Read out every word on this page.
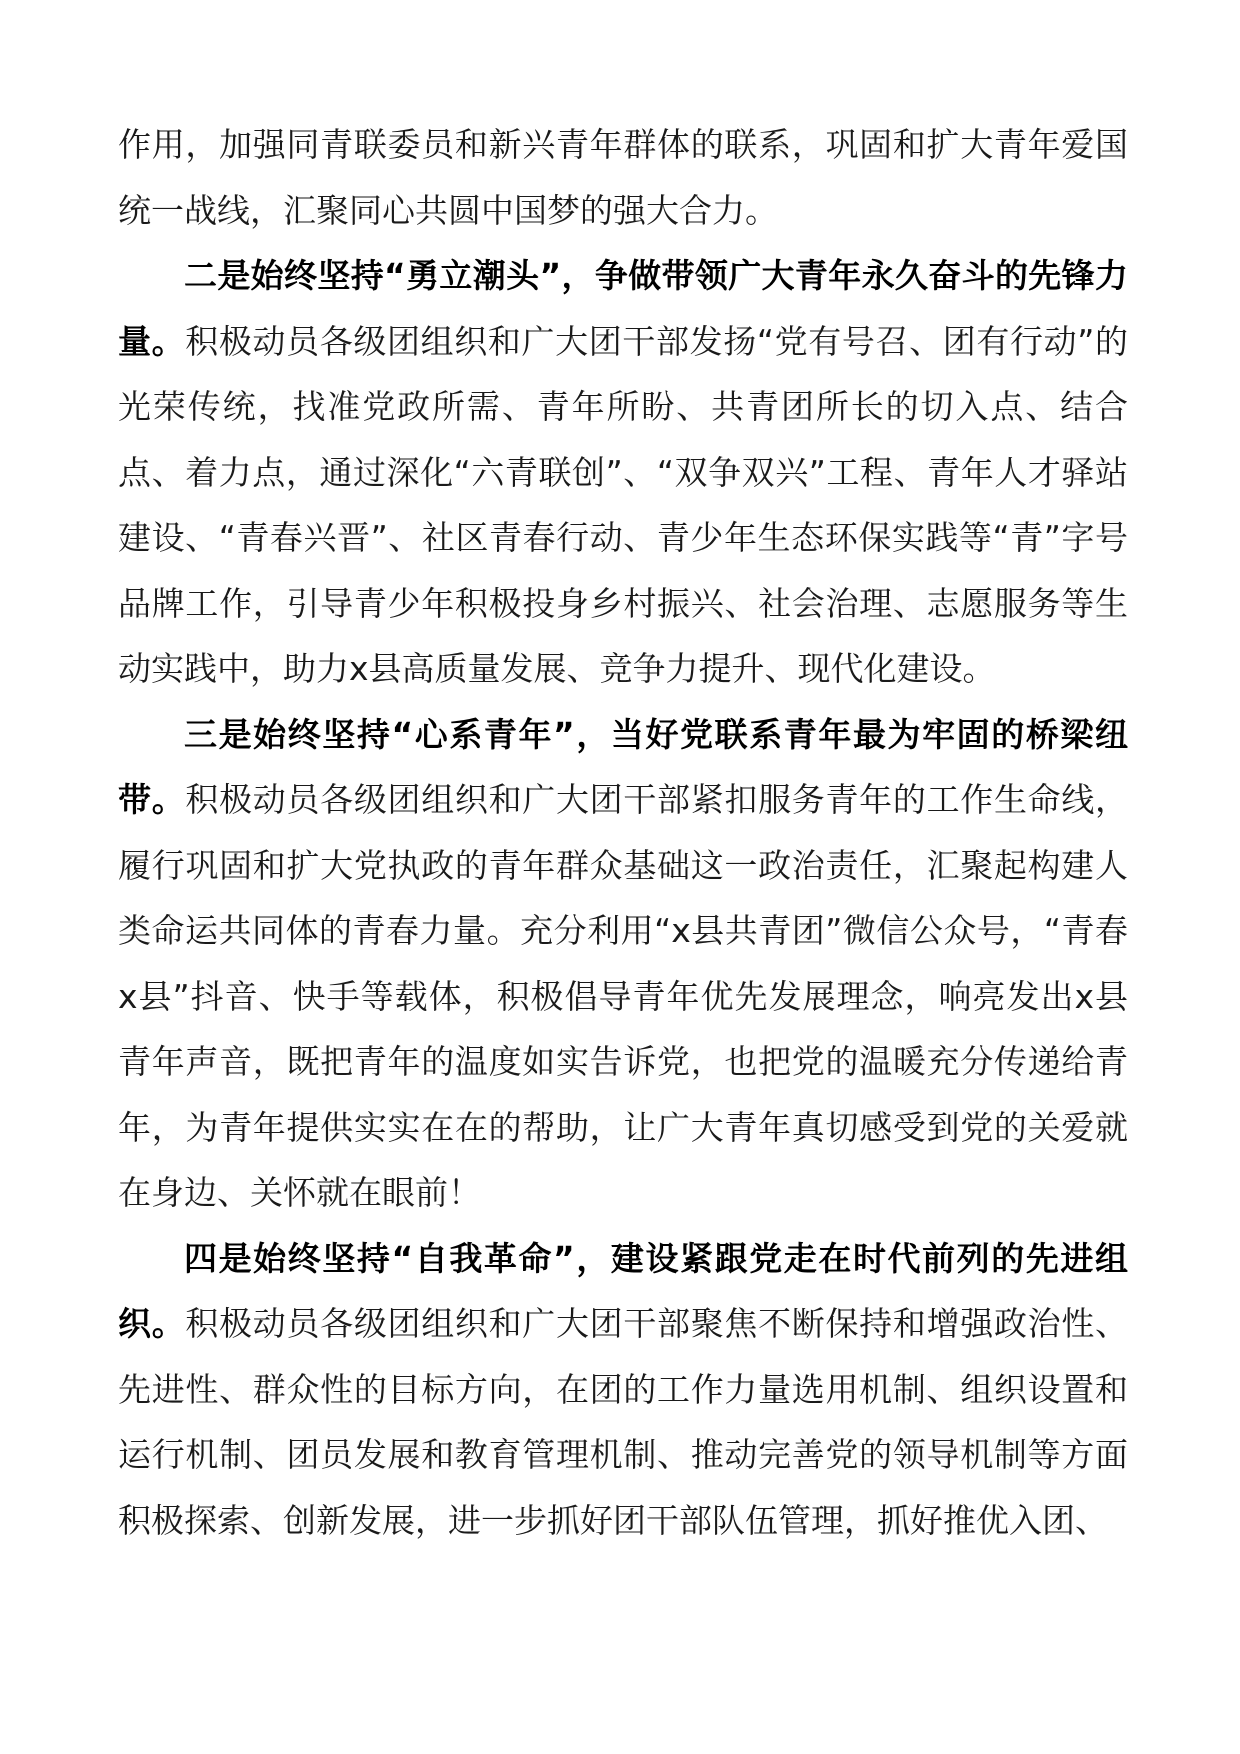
作用，加强同青联委员和新兴青年群体的联系，巩固和扩大青年爱国统一战线，汇聚同心共圆中国梦的强大合力。

二是始终坚持“勇立潮头”，争做带领广大青年永久奋斗的先锋力量。积极动员各级团组织和广大团干部发扬“党有号召、团有行动”的光荣传统，找准党政所需、青年所盼、共青团所长的切入点、结合点、着力点，通过深化“六青联创”、“双争双兴”工程、青年人才驿站建设、“青春兴晋”、社区青春行动、青少年生态环保实践等“青”字号品牌工作，引导青少年积极投身乡村振兴、社会治理、志愿服务等生动实践中，助力x县高质量发展、竞争力提升、现代化建设。

三是始终坚持“心系青年”，当好党联系青年最为牢固的桥梁纽带。积极动员各级团组织和广大团干部紧扣服务青年的工作生命线，履行巩固和扩大党执政的青年群众基础这一政治责任，汇聚起构建人类命运共同体的青春力量。充分利用“x县共青团”微信公众号，“青春x县”抖音、快手等载体，积极倡导青年优先发展理念，响亮发出x县青年声音，既把青年的温度如实告诉党，也把党的温暖充分传递给青年，为青年提供实实在在的帮助，让广大青年真切感受到党的关爱就在身边、关怀就在眼前！

四是始终坚持“自我革命”，建设紧跟党走在时代前列的先进组织。积极动员各级团组织和广大团干部聚焦不断保持和增强政治性、先进性、群众性的目标方向，在团的工作力量选用机制、组织设置和运行机制、团员发展和教育管理机制、推动完善党的领导机制等方面积极探索、创新发展，进一步抓好团干部队伍管理，抓好推优入团、
